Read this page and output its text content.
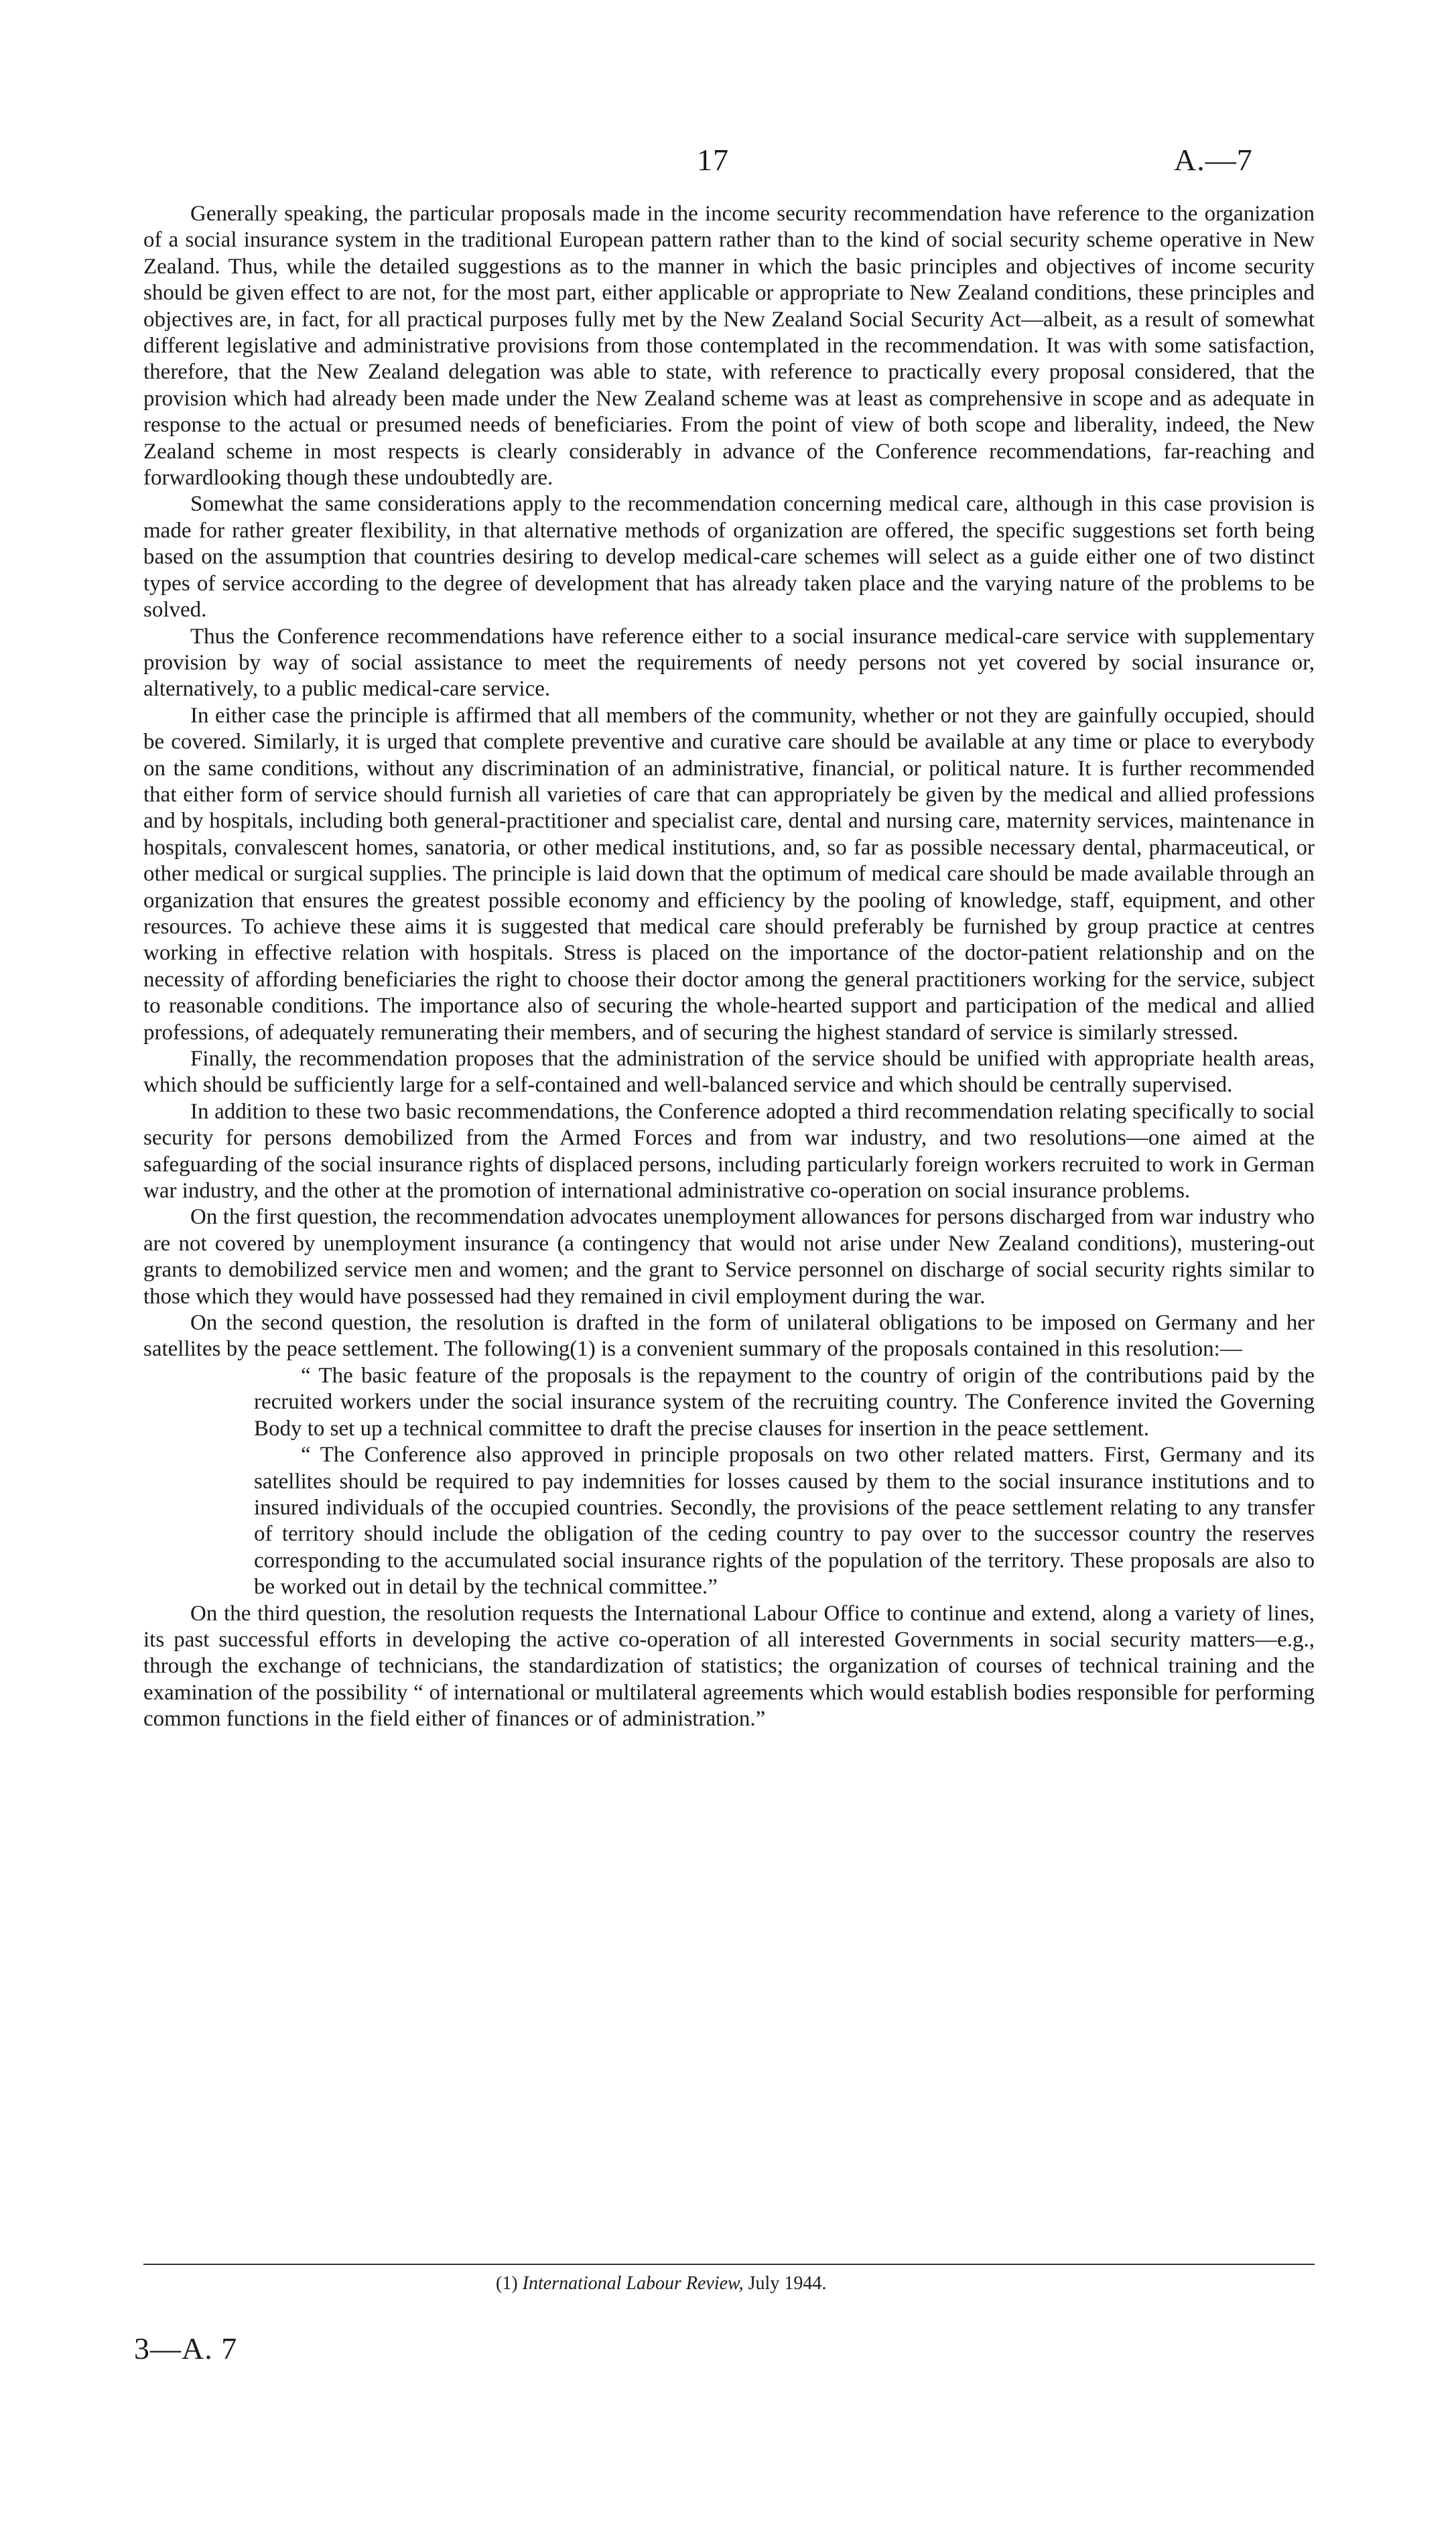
17	A.—7

Generally speaking, the particular proposals made in the income security recommendation have reference to the organization of a social insurance system in the traditional European pattern rather than to the kind of social security scheme operative in New Zealand. Thus, while the detailed suggestions as to the manner in which the basic principles and objectives of income security should be given effect to are not, for the most part, either applicable or appropriate to New Zealand conditions, these principles and objectives are, in fact, for all practical purposes fully met by the New Zealand Social Security Act—albeit, as a result of somewhat different legislative and administrative provisions from those contemplated in the recommendation. It was with some satisfaction, therefore, that the New Zealand delegation was able to state, with reference to practically every proposal considered, that the provision which had already been made under the New Zealand scheme was at least as comprehensive in scope and as adequate in response to the actual or presumed needs of beneficiaries. From the point of view of both scope and liberality, indeed, the New Zealand scheme in most respects is clearly considerably in advance of the Conference recommendations, far-reaching and forwardlooking though these undoubtedly are.

Somewhat the same considerations apply to the recommendation concerning medical care, although in this case provision is made for rather greater flexibility, in that alternative methods of organization are offered, the specific suggestions set forth being based on the assumption that countries desiring to develop medical-care schemes will select as a guide either one of two distinct types of service according to the degree of development that has already taken place and the varying nature of the problems to be solved.

Thus the Conference recommendations have reference either to a social insurance medical-care service with supplementary provision by way of social assistance to meet the requirements of needy persons not yet covered by social insurance or, alternatively, to a public medical-care service.

In either case the principle is affirmed that all members of the community, whether or not they are gainfully occupied, should be covered. Similarly, it is urged that complete preventive and curative care should be available at any time or place to everybody on the same conditions, without any discrimination of an administrative, financial, or political nature. It is further recommended that either form of service should furnish all varieties of care that can appropriately be given by the medical and allied professions and by hospitals, including both general-practitioner and specialist care, dental and nursing care, maternity services, maintenance in hospitals, convalescent homes, sanatoria, or other medical institutions, and, so far as possible necessary dental, pharmaceutical, or other medical or surgical supplies. The principle is laid down that the optimum of medical care should be made available through an organization that ensures the greatest possible economy and efficiency by the pooling of knowledge, staff, equipment, and other resources. To achieve these aims it is suggested that medical care should preferably be furnished by group practice at centres working in effective relation with hospitals. Stress is placed on the importance of the doctor-patient relationship and on the necessity of affording beneficiaries the right to choose their doctor among the general practitioners working for the service, subject to reasonable conditions. The importance also of securing the whole-hearted support and participation of the medical and allied professions, of adequately remunerating their members, and of securing the highest standard of service is similarly stressed.

Finally, the recommendation proposes that the administration of the service should be unified with appropriate health areas, which should be sufficiently large for a self-contained and well-balanced service and which should be centrally supervised.

In addition to these two basic recommendations, the Conference adopted a third recommendation relating specifically to social security for persons demobilized from the Armed Forces and from war industry, and two resolutions—one aimed at the safeguarding of the social insurance rights of displaced persons, including particularly foreign workers recruited to work in German war industry, and the other at the promotion of international administrative co-operation on social insurance problems.

On the first question, the recommendation advocates unemployment allowances for persons discharged from war industry who are not covered by unemployment insurance (a contingency that would not arise under New Zealand conditions), mustering-out grants to demobilized service men and women; and the grant to Service personnel on discharge of social security rights similar to those which they would have possessed had they remained in civil employment during the war.

On the second question, the resolution is drafted in the form of unilateral obligations to be imposed on Germany and her satellites by the peace settlement. The following(1) is a convenient summary of the proposals contained in this resolution:—

“ The basic feature of the proposals is the repayment to the country of origin of the contributions paid by the recruited workers under the social insurance system of the recruiting country. The Conference invited the Governing Body to set up a technical committee to draft the precise clauses for insertion in the peace settlement.

“ The Conference also approved in principle proposals on two other related matters. First, Germany and its satellites should be required to pay indemnities for losses caused by them to the social insurance institutions and to insured individuals of the occupied countries. Secondly, the provisions of the peace settlement relating to any transfer of territory should include the obligation of the ceding country to pay over to the successor country the reserves corresponding to the accumulated social insurance rights of the population of the territory. These proposals are also to be worked out in detail by the technical committee.”

On the third question, the resolution requests the International Labour Office to continue and extend, along a variety of lines, its past successful efforts in developing the active co-operation of all interested Governments in social security matters—e.g., through the exchange of technicians, the standardization of statistics; the organization of courses of technical training and the examination of the possibility “ of international or multilateral agreements which would establish bodies responsible for performing common functions in the field either of finances or of administration.”

(1) International Labour Review, July 1944.
3—A. 7
